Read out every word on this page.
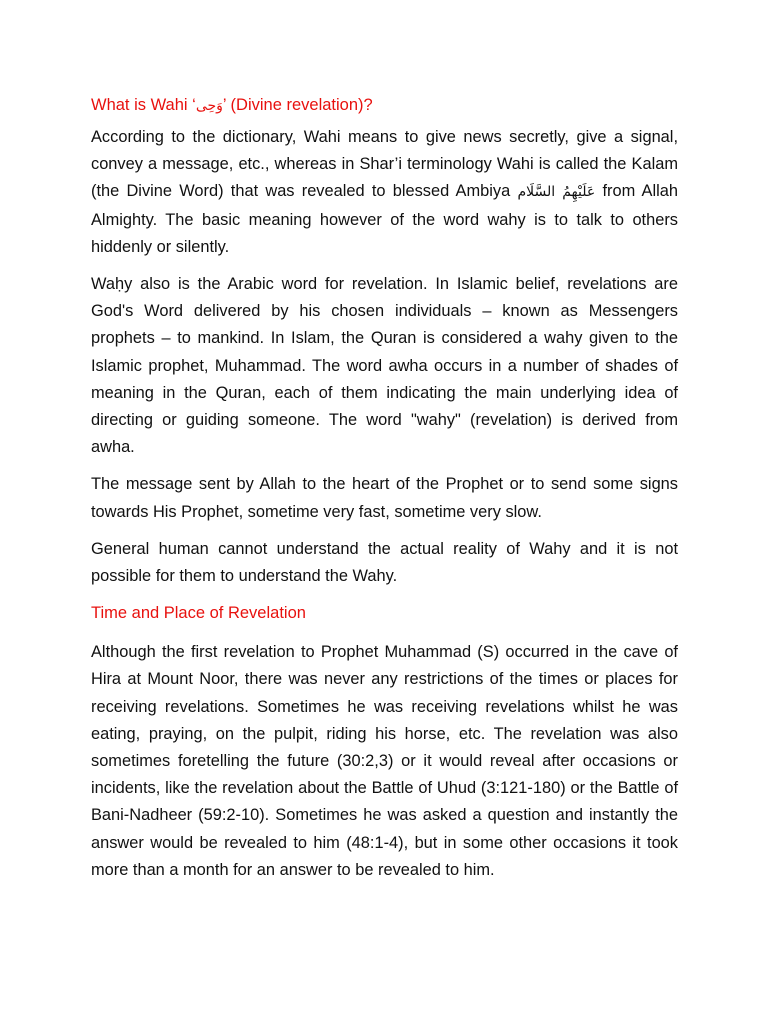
What is Wahi ‘وَحِى’ (Divine revelation)?

According to the dictionary, Wahi means to give news secretly, give a signal, convey a message, etc., whereas in Shar’i terminology Wahi is called the Kalam (the Divine Word) that was revealed to blessed Ambiya عَلَيْهِمُ السَّلَام from Allah Almighty. The basic meaning however of the word wahy is to talk to others hiddenly or silently.

Waḥy also is the Arabic word for revelation. In Islamic belief, revelations are God's Word delivered by his chosen individuals – known as Messengers prophets – to mankind. In Islam, the Quran is considered a wahy given to the Islamic prophet, Muhammad. The word awha occurs in a number of shades of meaning in the Quran, each of them indicating the main underlying idea of directing or guiding someone. The word "wahy" (revelation) is derived from awha.

The message sent by Allah to the heart of the Prophet or to send some signs towards His Prophet, sometime very fast, sometime very slow.

General human cannot understand the actual reality of Wahy and it is not possible for them to understand the Wahy.

Time and Place of Revelation

Although the first revelation to Prophet Muhammad (S) occurred in the cave of Hira at Mount Noor, there was never any restrictions of the times or places for receiving revelations. Sometimes he was receiving revelations whilst he was eating, praying, on the pulpit, riding his horse, etc. The revelation was also sometimes foretelling the future (30:2,3) or it would reveal after occasions or incidents, like the revelation about the Battle of Uhud (3:121-180) or the Battle of Bani-Nadheer (59:2-10). Sometimes he was asked a question and instantly the answer would be revealed to him (48:1-4), but in some other occasions it took more than a month for an answer to be revealed to him.
